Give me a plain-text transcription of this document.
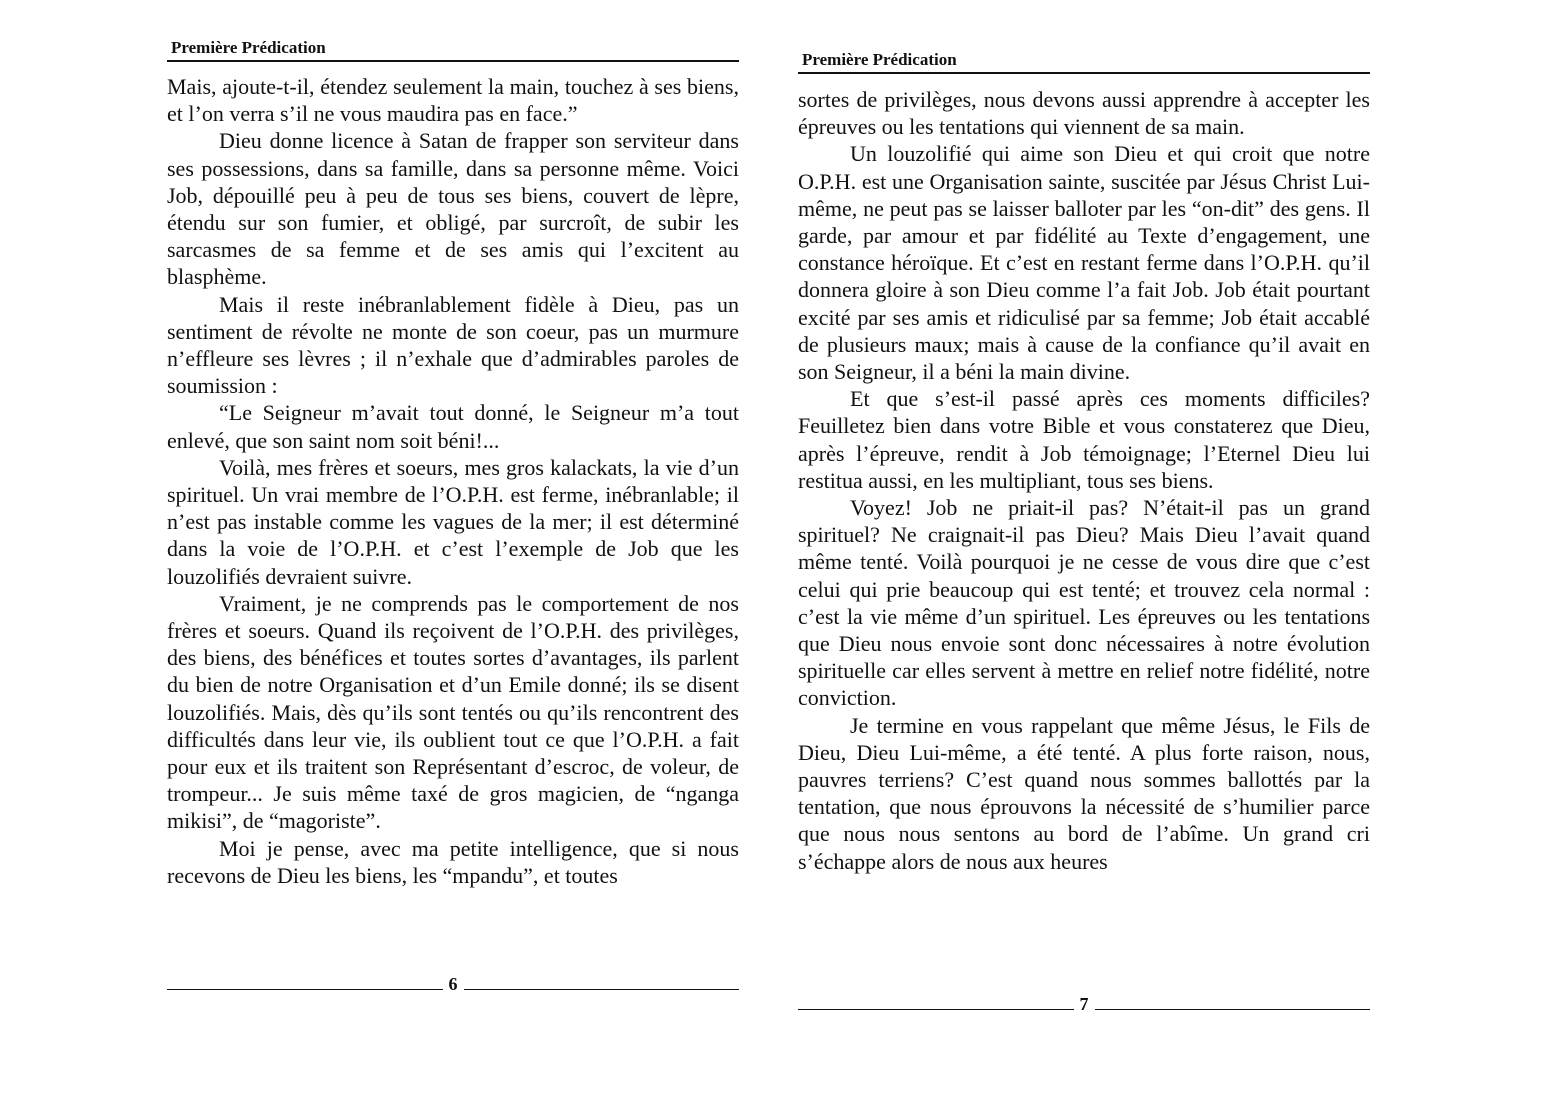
Première Prédication

Mais, ajoute-t-il, étendez seulement la main, touchez à ses biens, et l’on verra s’il ne vous maudira pas en face.”

Dieu donne licence à Satan de frapper son serviteur dans ses possessions, dans sa famille, dans sa personne même. Voici Job, dépouillé peu à peu de tous ses biens, couvert de lèpre, étendu sur son fumier, et obligé, par surcroît, de subir les sarcasmes de sa femme et de ses amis qui l’excitent au blasphème.

Mais il reste inébranlablement fidèle à Dieu, pas un sentiment de révolte ne monte de son coeur, pas un murmure n’effleure ses lèvres ; il n’exhale que d’admirables paroles de soumission :

“Le Seigneur m’avait tout donné, le Seigneur m’a tout enlevé, que son saint nom soit béni!...

Voilà, mes frères et soeurs, mes gros kalackats, la vie d’un spirituel. Un vrai membre de l’O.P.H. est ferme, inébranlable; il n’est pas instable comme les vagues de la mer; il est déterminé dans la voie de l’O.P.H. et c’est l’exemple de Job que les louzolifiés devraient suivre.

Vraiment, je ne comprends pas le comportement de nos frères et soeurs. Quand ils reçoivent de l’O.P.H. des privilèges, des biens, des bénéfices et toutes sortes d’avantages, ils parlent du bien de notre Organisation et d’un Emile donné; ils se disent louzolifiés. Mais, dès qu’ils sont tentés ou qu’ils rencontrent des difficultés dans leur vie, ils oublient tout ce que l’O.P.H. a fait pour eux et ils traitent son Représentant d’escroc, de voleur, de trompeur... Je suis même taxé de gros magicien, de “nganga mikisi”, de “magoriste”.

Moi je pense, avec ma petite intelligence, que si nous recevons de Dieu les biens, les “mpandu”, et toutes

6
Première Prédication

sortes de privilèges, nous devons aussi apprendre à accepter les épreuves ou les tentations qui viennent de sa main.

Un louzolifié qui aime son Dieu et qui croit que notre O.P.H. est une Organisation sainte, suscitée par Jésus Christ Lui-même, ne peut pas se laisser balloter par les “on-dit” des gens. Il garde, par amour et par fidélité au Texte d’engagement, une constance héroïque. Et c’est en restant ferme dans l’O.P.H. qu’il donnera gloire à son Dieu comme l’a fait Job. Job était pourtant excité par ses amis et ridiculisé par sa femme; Job était accablé de plusieurs maux; mais à cause de la confiance qu’il avait en son Seigneur, il a béni la main divine.

Et que s’est-il passé après ces moments difficiles? Feuilletez bien dans votre Bible et vous constaterez que Dieu, après l’épreuve, rendit à Job témoignage; l’Eternel Dieu lui restitua aussi, en les multipliant, tous ses biens.

Voyez! Job ne priait-il pas? N’était-il pas un grand spirituel? Ne craignait-il pas Dieu? Mais Dieu l’avait quand même tenté. Voilà pourquoi je ne cesse de vous dire que c’est celui qui prie beaucoup qui est tenté; et trouvez cela normal : c’est la vie même d’un spirituel. Les épreuves ou les tentations que Dieu nous envoie sont donc nécessaires à notre évolution spirituelle car elles servent à mettre en relief notre fidélité, notre conviction.

Je termine en vous rappelant que même Jésus, le Fils de Dieu, Dieu Lui-même, a été tenté. A plus forte raison, nous, pauvres terriens? C’est quand nous sommes ballottés par la tentation, que nous éprouvons la nécessité de s’humilier parce que nous nous sentons au bord de l’abîme. Un grand cri s’échappe alors de nous aux heures

7
